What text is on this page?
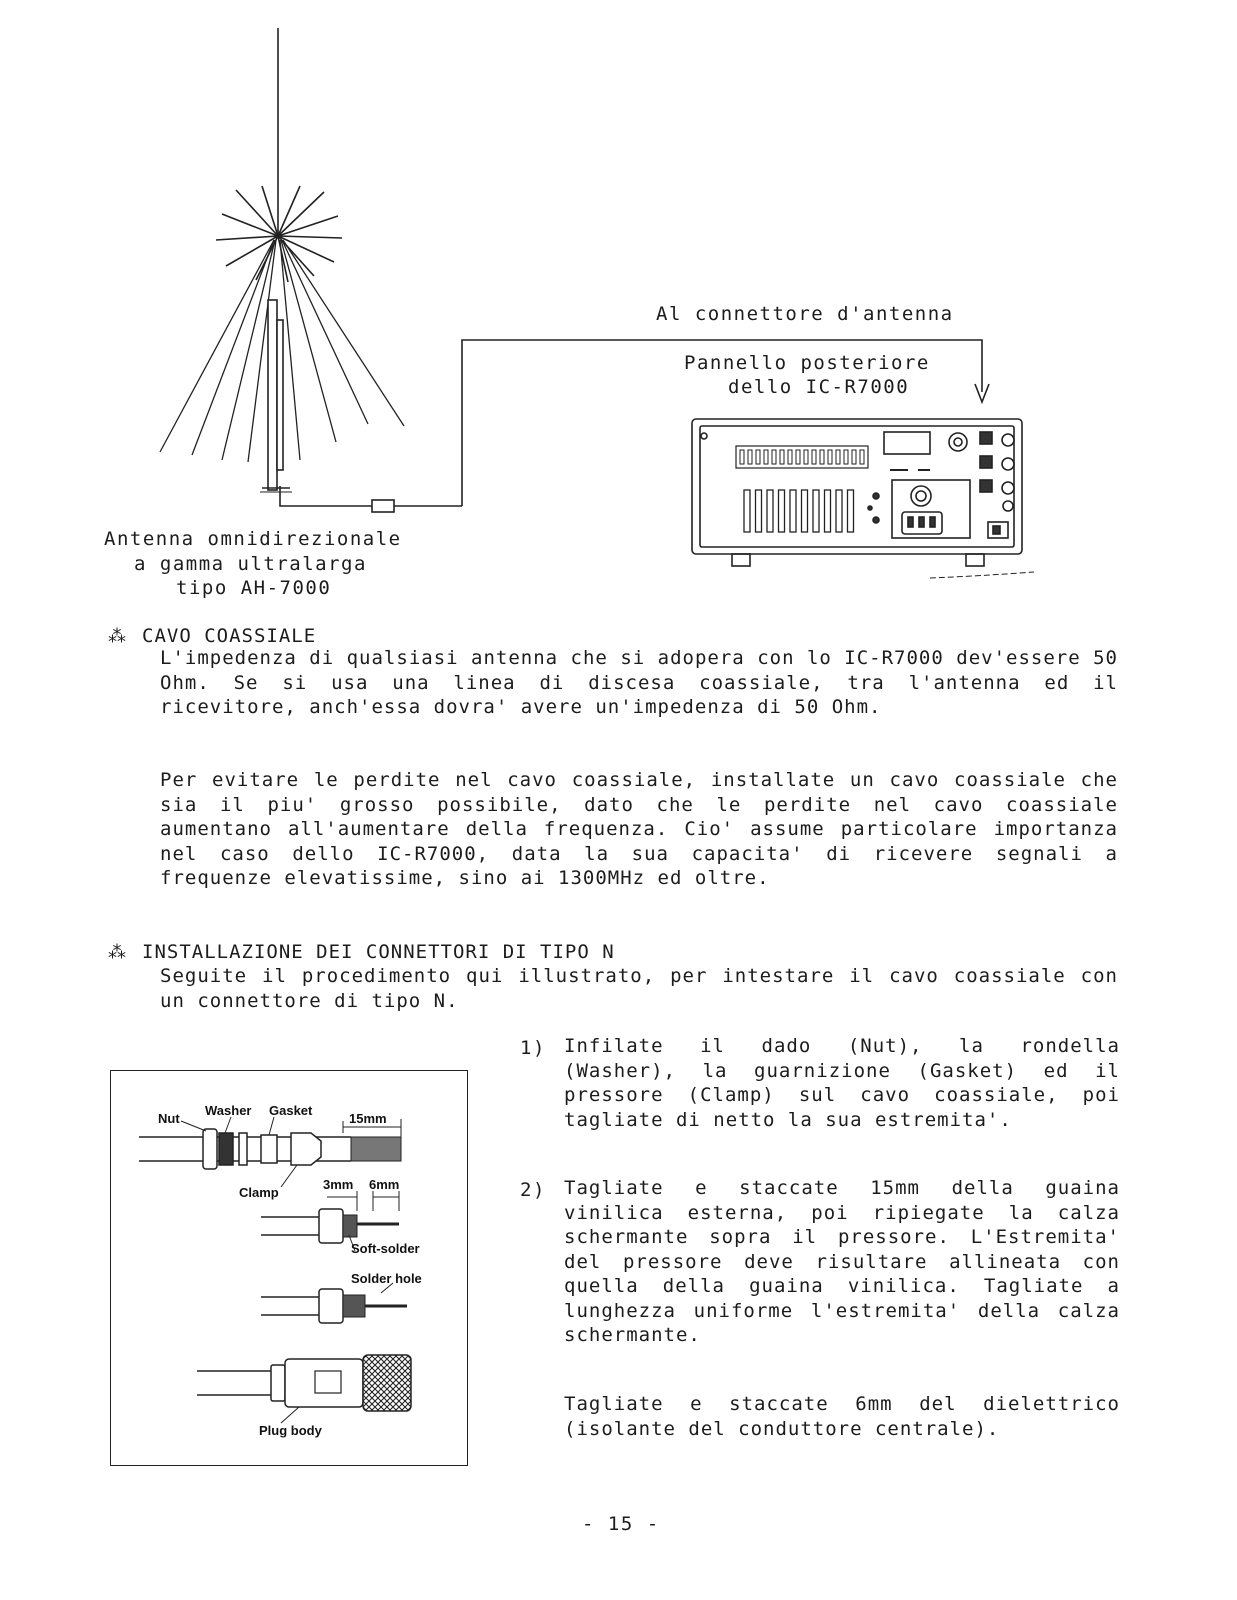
Al connettore d'antenna
Pannello posteriore
dello IC-R7000
Antenna omnidirezionale
a gamma ultralarga
tipo AH-7000
⁂ CAVO COASSIALE

L'impedenza di qualsiasi antenna che si adopera con lo IC-R7000 dev'essere 50 Ohm. Se si usa una linea di discesa coassiale, tra l'antenna ed il ricevitore, anch'essa dovra' avere un'impedenza di 50 Ohm.

Per evitare le perdite nel cavo coassiale, installate un cavo coassiale che sia il piu' grosso possibile, dato che le perdite nel cavo coassiale aumentano all'aumentare della frequenza. Cio' assume particolare importanza nel caso dello IC-R7000, data la sua capacita' di ricevere segnali a frequenze elevatissime, sino ai 1300MHz ed oltre.

⁂ INSTALLAZIONE DEI CONNETTORI DI TIPO N

Seguite il procedimento qui illustrato, per intestare il cavo coassiale con un connettore di tipo N.

Nut
Washer Gasket
15mm
Clamp
3mm 6mm
Soft-solder
Solder hole
Plug body
1) Infilate il dado (Nut), la rondella (Washer), la guarnizione (Gasket) ed il pressore (Clamp) sul cavo coassiale, poi tagliate di netto la sua estremita'.

2) Tagliate e staccate 15mm della guaina vinilica esterna, poi ripiegate la calza schermante sopra il pressore. L'Estremita' del pressore deve risultare allineata con quella della guaina vinilica. Tagliate a lunghezza uniforme l'estremita' della calza schermante.

Tagliate e staccate 6mm del dielettrico (isolante del conduttore centrale).

- 15 -
